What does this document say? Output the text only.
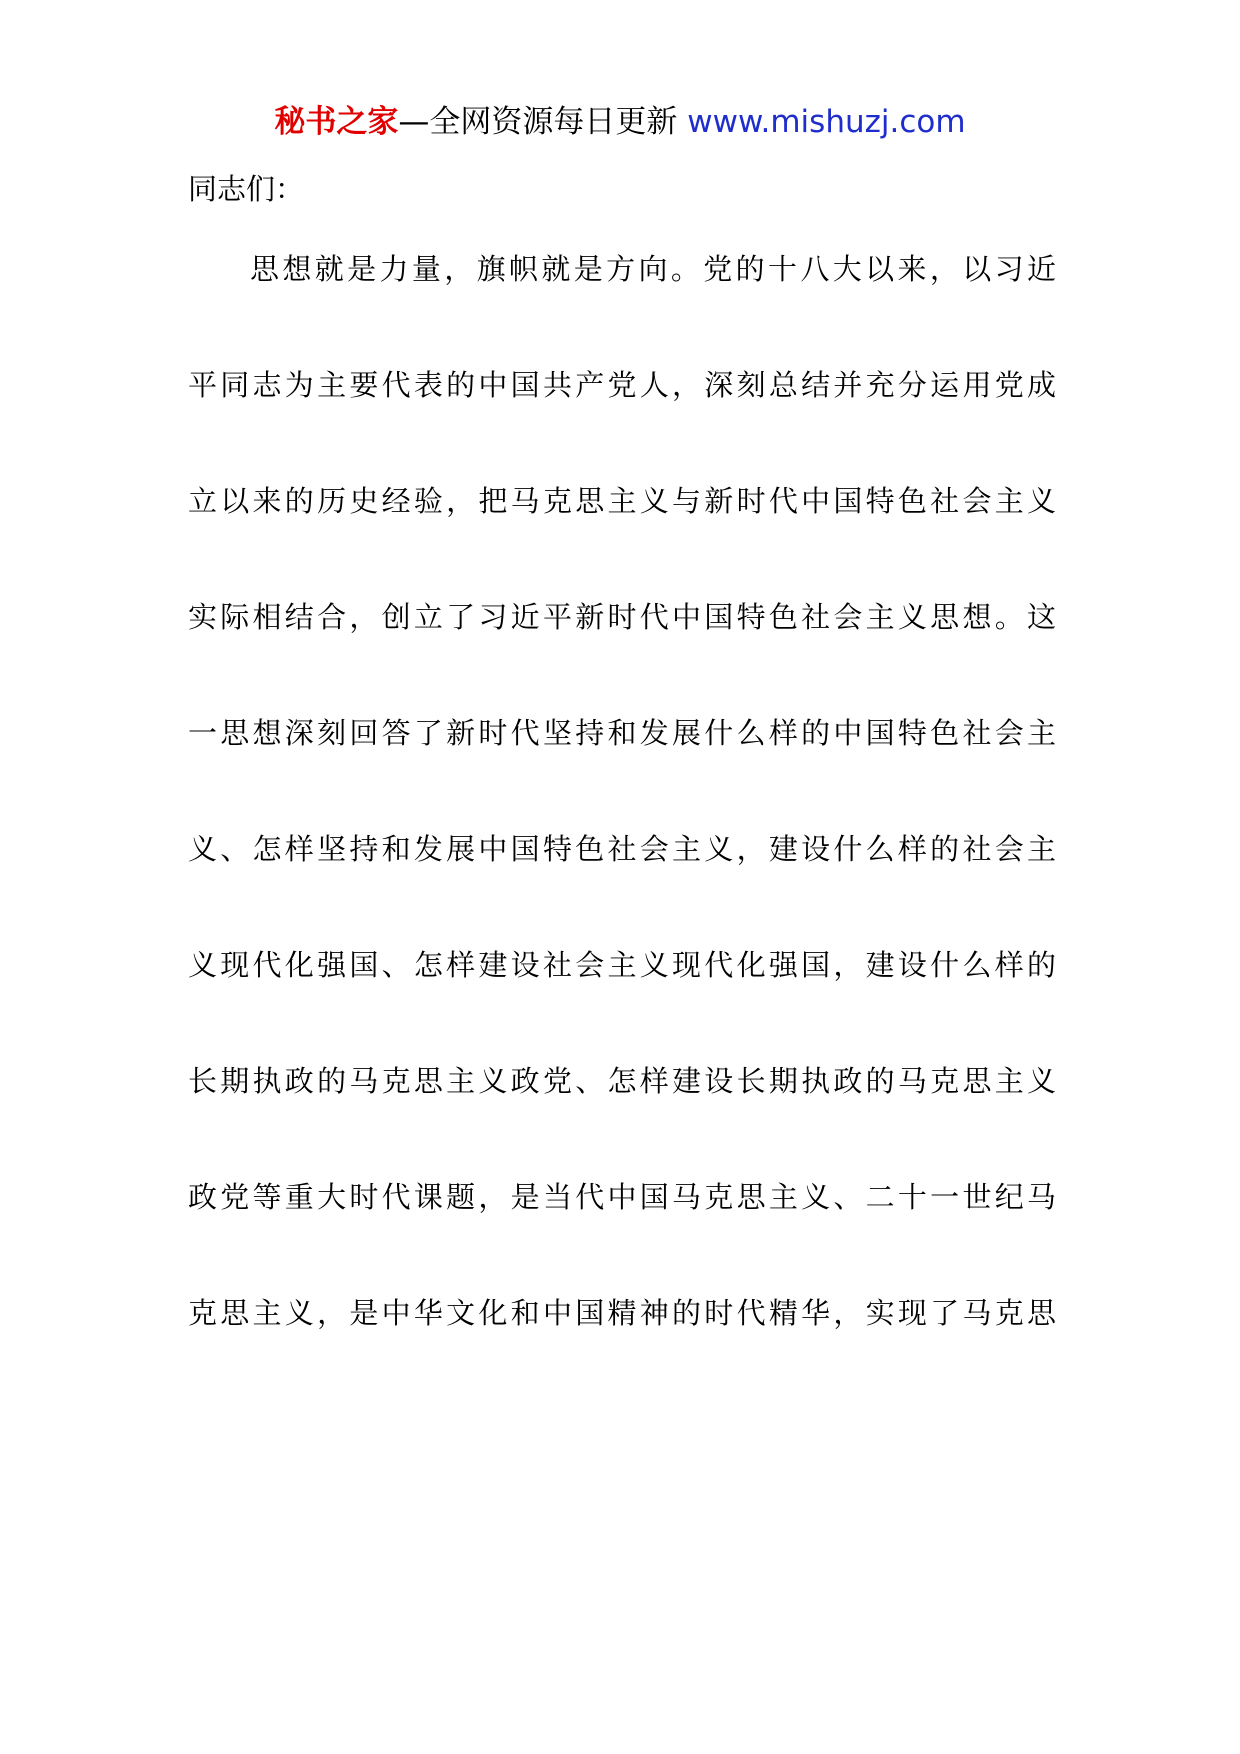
秘书之家—全网资源每日更新 www.mishuzj.com
同志们：
思想就是力量，旗帜就是方向。党的十八大以来，以习近
平同志为主要代表的中国共产党人，深刻总结并充分运用党成
立以来的历史经验，把马克思主义与新时代中国特色社会主义
实际相结合，创立了习近平新时代中国特色社会主义思想。这
一思想深刻回答了新时代坚持和发展什么样的中国特色社会主
义、怎样坚持和发展中国特色社会主义，建设什么样的社会主
义现代化强国、怎样建设社会主义现代化强国，建设什么样的
长期执政的马克思主义政党、怎样建设长期执政的马克思主义
政党等重大时代课题，是当代中国马克思主义、二十一世纪马
克思主义，是中华文化和中国精神的时代精华，实现了马克思
